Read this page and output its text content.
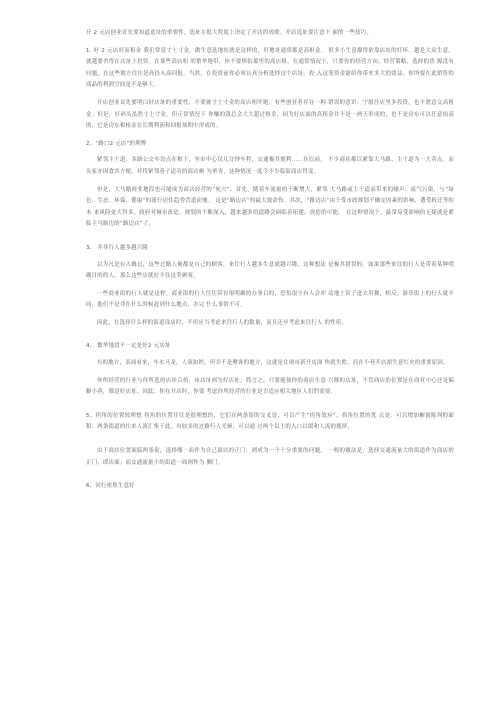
开 2 元店创业首先要知道选址的重要性，选址在很大程度上决定了开店的成败。开店选址要注意下 面的一些技巧。

1. 好 2 元店旺而租金 我们常说寸土寸金，做生意选地址就是这样的，好地址通常都是高租金。 很多小生意都得依靠店址的好坏，越是大众生意，就越要舍得在店址上投资。在那些高店租 的繁华地带，你不要惧怕那里的高店租，在通常情况下，只要你的经营方向、经营策略、选择的货 源没有问题，在这些地方往往是高投入高回报。当然，在投资前你必须认真分析选择这个店址。投 入这笔资金能给你带来多大的效益，你所要在此销售的商品的利润空间是不是够大。

开店创业首先要明白好店址的重要性，不要被寸土寸金的高店租吓跑。有些创业者存在一种 错误的意识：宁愿往店里多投资，也不愿意交高租金。但是，好码头虽然寸土寸金，但正常情况下 你赚的钱总会大大超过租金，因为好店面的高租金并不是一两天形成的，也不是房东可以任意抬高 的，它是房东和租金在长期利润和回报预期中形成的。

2、“路口2 元店”的利弊

紧邻主干道，多路公交车设点在根下，至市中心仅几分钟车程，交通极其便利……在以前， 不少商店都以紧靠大马路、主干道为一大卖点，而头家亦因食其方便，对将紧邻巷子道旁的商店颇 为垂青，这种情况一度令不少临街商店得宠。

但是，大马路商业地段也可能成为商店经营的“死穴”。首先，随着车流量的不断增大，紧邻 大马路或主干道而带来的噪声、废气污染，与“绿色、生态、环保、健康”的流行居住趋势背道而驰。 这是“路边店”的最大致命伤。其次，“路边店”由于受市政规划不确定因素的影响，遭受拆迁等的未 来风险更大得多，政府对城市改造、规划的不断深入，越来越多的道路会面临着拓建、改造的可能。 在这种情况下，最常易受影响的无疑就是紧临主马路边的“路边店”了。

3、 并非行人越多越兴隆

以为凡是有人路过，这些过路人便都是自己的顾客，来往行人越多生意就越兴隆，这种想法 是极其错误的。如果那些来往的行人是带着某种明确目的的人，那么这些店就拉不住这类顾客。

一些商业街的行人就是这样。商业街的行人往往带有很明确的办事目的，恐怕很少有人会冲 动地上馆子进去用餐，相反，游乐街上的行人就不同，他们不是非在什么时候赶到什么地点，办完 什么事情不可。

因此，在选择什么样的街道设店时，不但应当考虑来往行人的数量，而且还应考虑来往行人 的性质。

4、 繁华地段不一定是好2 元店址

有的地方，表面看来，车水马龙，人流如织，但并不是聚客的地方，这就是在闹市新开店面 快就失败，而在小巷开店却生意红火的重要原因。

你所经营的行业与你所选的店址合拍，该店址则为好店址。简言之，只要能使你的商店生意 兴隆的店址，不管商店的位置是在商业中心还是偏僻小巷，都是好店址。因此，你在开店时，你要 考虑你所经营的行业是否适应相关地区人们的需要。

5、拐角的位置较理想 拐角的位置往往是很理想的，它们在两条街的交叉处，可以产生“拐角效应”。拐角位置的优 点是：可以增加橱窗陈列的面积。两条街道的往来人流汇集于此，有较多的过路行人光顾；可以通 过两个以上的入口以缓和人流的拥挤。

由于商店位置面临两条街，选择哪一面作为自己商店的正门，则成为一个十分重要的问题。 一般的做法是，选择交通流量大的街道作为商店的正门，即店面；而交通流量小的街道一面则作为 侧门。

6、同行密集生意好
